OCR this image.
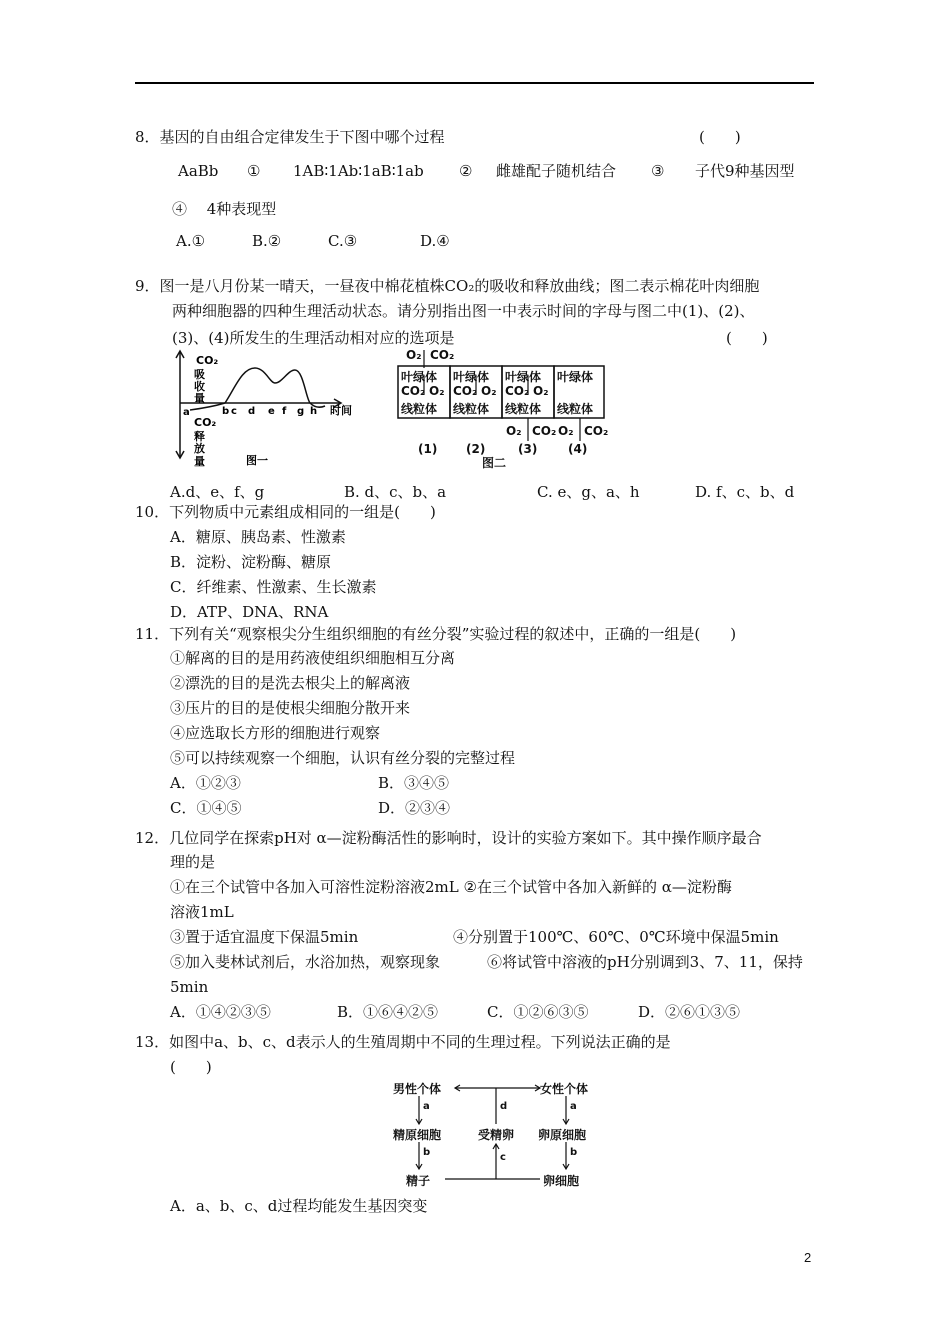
8．基因的自由组合定律发生于下图中哪个过程	(　　)
AaBb ① 1AB∶1Ab∶1aB∶1ab ② 雌雄配子随机结合 ③ 子代9种基因型
④　 4种表现型
A.①	B.②	C.③	D.④
9．图一是八月份某一晴天，一昼夜中棉花植株CO₂的吸收和释放曲线；图二表示棉花叶肉细胞
两种细胞器的四种生理活动状态。请分别指出图一中表示时间的字母与图二中(1)、(2)、
(3)、(4)所发生的生理活动相对应的选项是	(　　)
CO₂
吸
收
量
a	b c d e f g h 时间
CO₂
释
放
量	图一
O₂ CO₂
叶绿体
CO₂ O₂
线粒体
叶绿体
CO₂ O₂
线粒体
叶绿体
CO₂ O₂
线粒体
叶绿体
线粒体
O₂ CO₂ O₂ CO₂
(1) (2)	(3)	(4)
图二
A.d、e、f、g	B. d、c、b、a	C. e、g、a、h	D. f、c、b、d
10．下列物质中元素组成相同的一组是(　　)
A．糖原、胰岛素、性激素
B．淀粉、淀粉酶、糖原
C．纤维素、性激素、生长激素
D．ATP、DNA、RNA
11．下列有关“观察根尖分生组织细胞的有丝分裂”实验过程的叙述中，正确的一组是(　　)
①解离的目的是用药液使组织细胞相互分离
②漂洗的目的是洗去根尖上的解离液
③压片的目的是使根尖细胞分散开来
④应选取长方形的细胞进行观察
⑤可以持续观察一个细胞，认识有丝分裂的完整过程
A．①②③	B．③④⑤
C．①④⑤	D．②③④
12．几位同学在探索pH对 α—淀粉酶活性的影响时，设计的实验方案如下。其中操作顺序最合
理的是
①在三个试管中各加入可溶性淀粉溶液2mL ②在三个试管中各加入新鲜的 α—淀粉酶
溶液1mL
③置于适宜温度下保温5min	④分别置于100℃、60℃、0℃环境中保温5min
⑤加入斐林试剂后，水浴加热，观察现象	⑥将试管中溶液的pH分别调到3、7、11，保持
5min
A．①④②③⑤	B．①⑥④②⑤	C．①②⑥③⑤	D．②⑥①③⑤
13．如图中a、b、c、d表示人的生殖周期中不同的生理过程。下列说法正确的是
(　　)
男性个体	女性个体
a	d	a
精原细胞	受精卵 卵原细胞
b	c	b
精子	卵细胞
A．a、b、c、d过程均能发生基因突变
2
